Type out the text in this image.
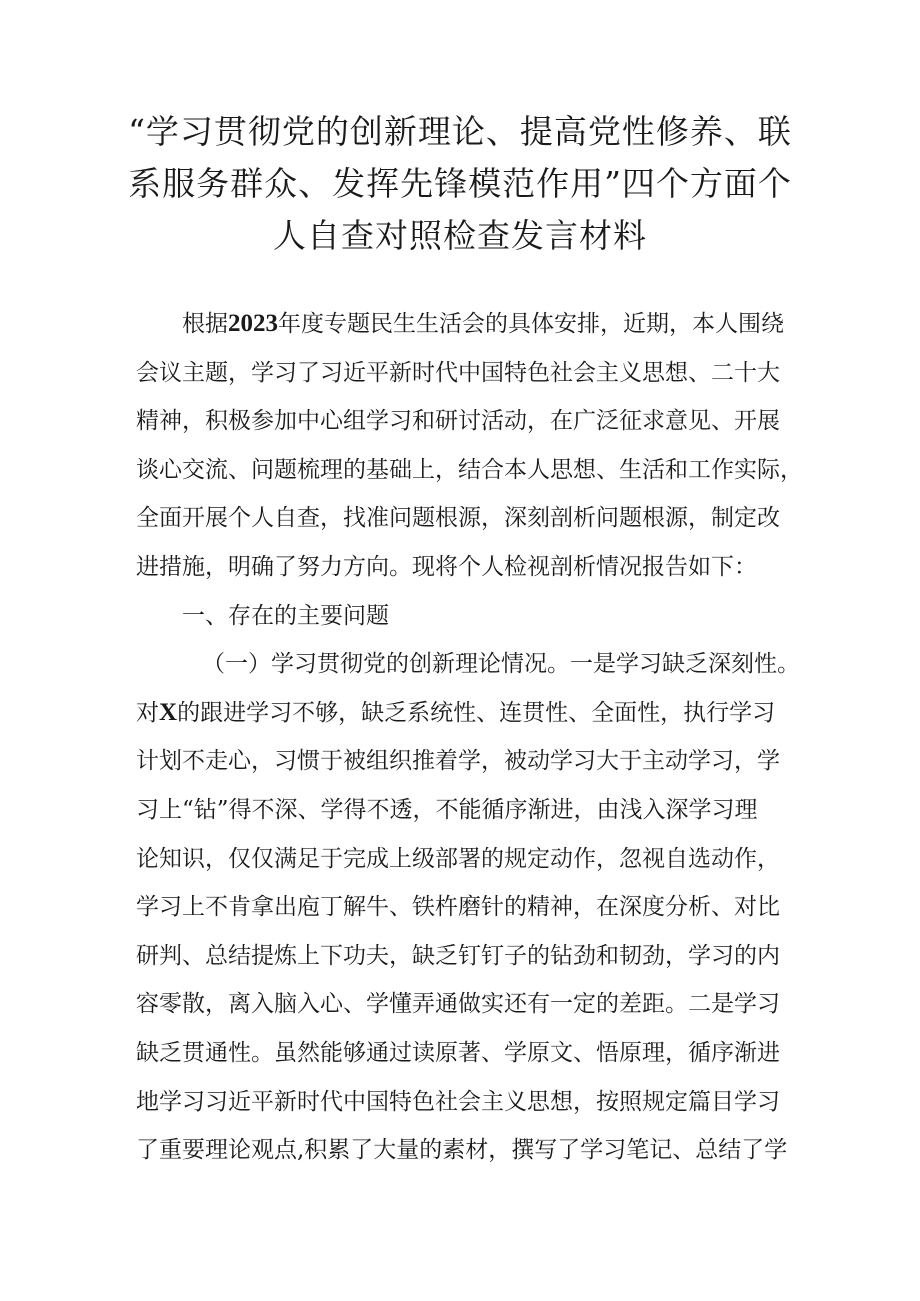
“学习贯彻党的创新理论、提高党性修养、联
系服务群众、发挥先锋模范作用”四个方面个
人自查对照检查发言材料
根据2023年度专题民生生活会的具体安排，近期，本人围绕
会议主题，学习了习近平新时代中国特色社会主义思想、二十大
精神，积极参加中心组学习和研讨活动，在广泛征求意见、开展
谈心交流、问题梳理的基础上，结合本人思想、生活和工作实际，
全面开展个人自查，找准问题根源，深刻剖析问题根源，制定改
进措施，明确了努力方向。现将个人检视剖析情况报告如下：
一、存在的主要问题
（一）学习贯彻党的创新理论情况。一是学习缺乏深刻性。
对X的跟进学习不够，缺乏系统性、连贯性、全面性，执行学习
计划不走心，习惯于被组织推着学，被动学习大于主动学习，学
习上“钻”得不深、学得不透，不能循序渐进，由浅入深学习理
论知识，仅仅满足于完成上级部署的规定动作，忽视自选动作，
学习上不肯拿出庖丁解牛、铁杵磨针的精神，在深度分析、对比
研判、总结提炼上下功夫，缺乏钉钉子的钻劲和韧劲，学习的内
容零散，离入脑入心、学懂弄通做实还有一定的差距。二是学习
缺乏贯通性。虽然能够通过读原著、学原文、悟原理，循序渐进
地学习习近平新时代中国特色社会主义思想，按照规定篇目学习
了重要理论观点,积累了大量的素材，撰写了学习笔记、总结了学
